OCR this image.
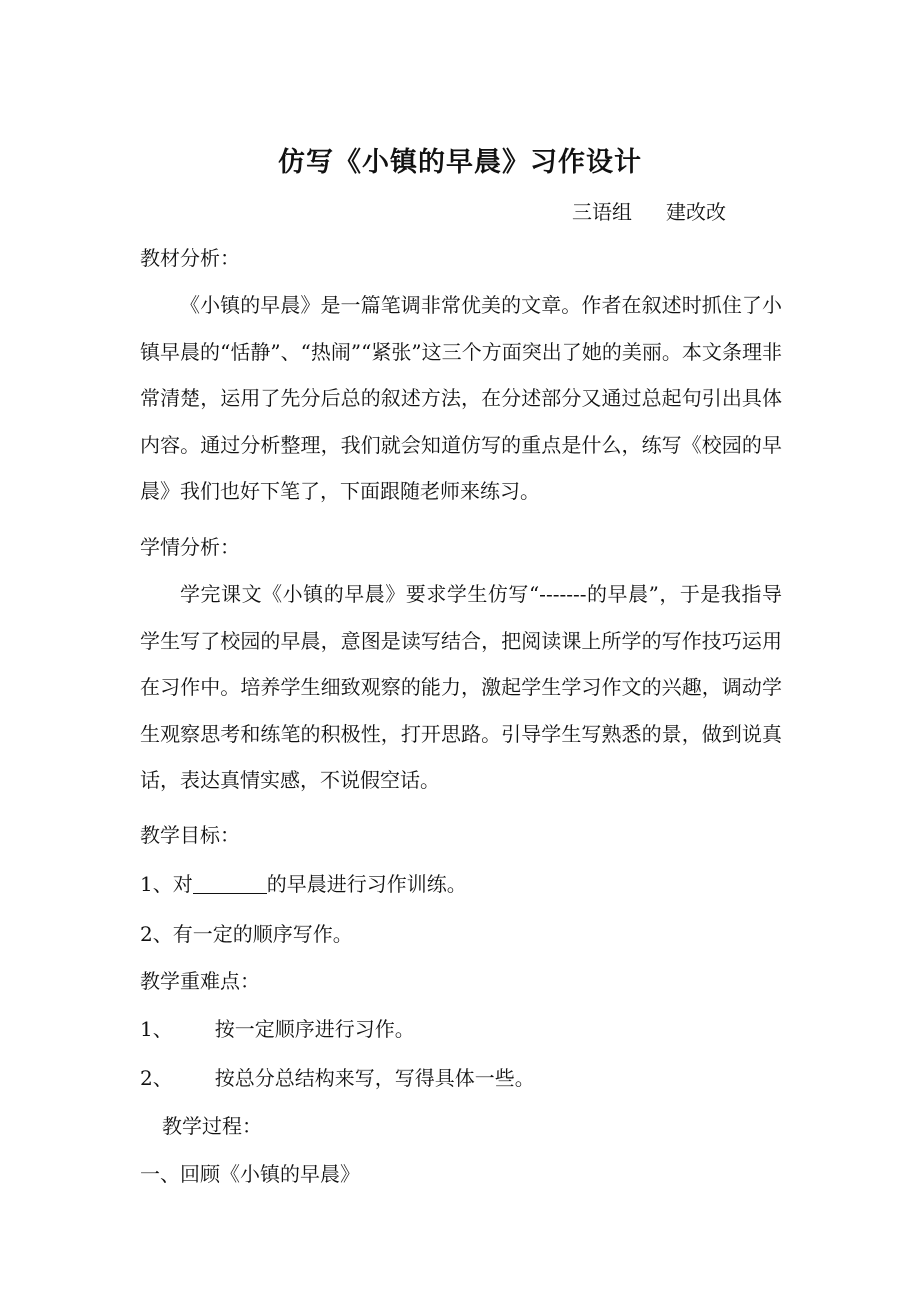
仿写《小镇的早晨》习作设计
三语组 建改改
教材分析：
《小镇的早晨》是一篇笔调非常优美的文章。作者在叙述时抓住了小镇早晨的“恬静”、“热闹”“紧张”这三个方面突出了她的美丽。本文条理非常清楚，运用了先分后总的叙述方法，在分述部分又通过总起句引出具体内容。通过分析整理，我们就会知道仿写的重点是什么，练写《校园的早晨》我们也好下笔了，下面跟随老师来练习。
学情分析：
学完课文《小镇的早晨》要求学生仿写“-------的早晨”，于是我指导学生写了校园的早晨，意图是读写结合，把阅读课上所学的写作技巧运用在习作中。培养学生细致观察的能力，激起学生学习作文的兴趣，调动学生观察思考和练笔的积极性，打开思路。引导学生写熟悉的景，做到说真话，表达真情实感，不说假空话。
教学目标：
1、对	的早晨进行习作训练。
2、有一定的顺序写作。
教学重难点：
1、 按一定顺序进行习作。
2、 按总分总结构来写，写得具体一些。
教学过程：
一、回顾《小镇的早晨》
